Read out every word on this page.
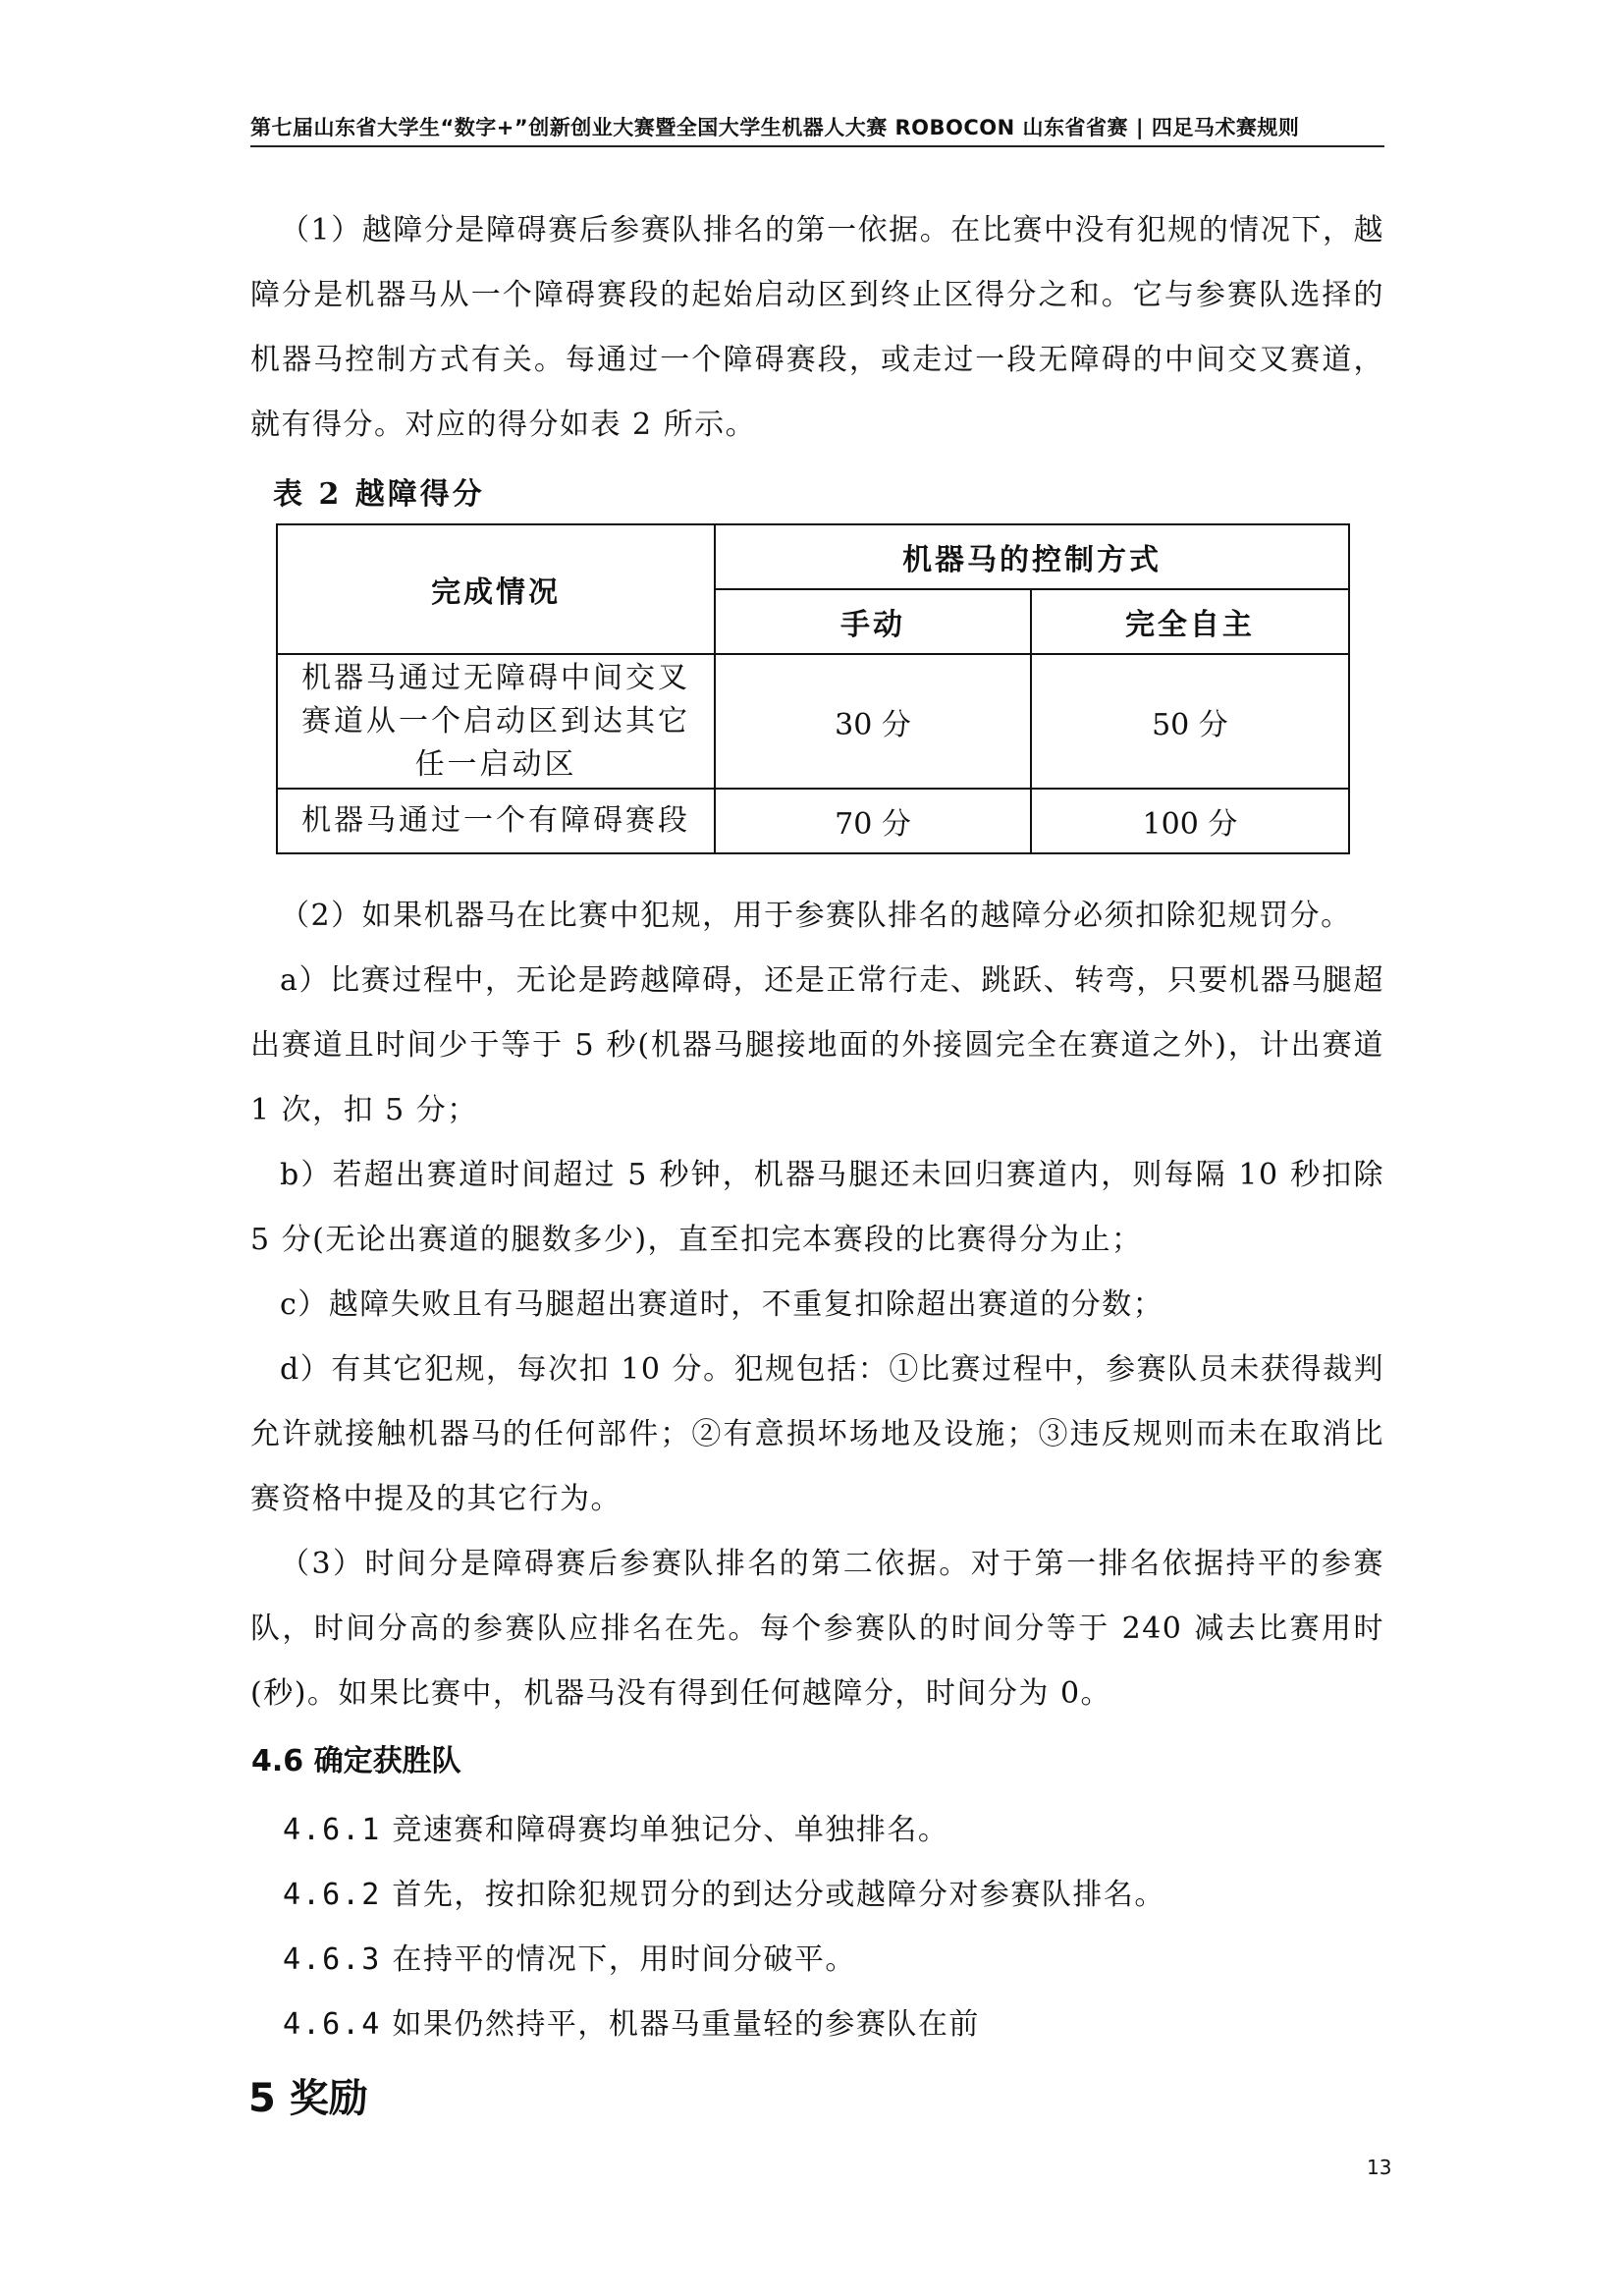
第七届山东省大学生“数字+”创新创业大赛暨全国大学生机器人大赛 ROBOCON 山东省省赛 | 四足马术赛规则

（1）越障分是障碍赛后参赛队排名的第一依据。在比赛中没有犯规的情况下，越障分是机器马从一个障碍赛段的起始启动区到终止区得分之和。它与参赛队选择的机器马控制方式有关。每通过一个障碍赛段，或走过一段无障碍的中间交叉赛道，就有得分。对应的得分如表 2 所示。

表 2 越障得分
完成情况	机器马的控制方式	
	手动	完全自主
机器马通过无障碍中间交叉赛道从一个启动区到达其它任一启动区	30 分	50 分
机器马通过一个有障碍赛段	70 分	100 分

（2）如果机器马在比赛中犯规，用于参赛队排名的越障分必须扣除犯规罚分。

a）比赛过程中，无论是跨越障碍，还是正常行走、跳跃、转弯，只要机器马腿超出赛道且时间少于等于 5 秒(机器马腿接地面的外接圆完全在赛道之外)，计出赛道 1 次，扣 5 分；

b）若超出赛道时间超过 5 秒钟，机器马腿还未回归赛道内，则每隔 10 秒扣除 5 分(无论出赛道的腿数多少)，直至扣完本赛段的比赛得分为止；

c）越障失败且有马腿超出赛道时，不重复扣除超出赛道的分数；

d）有其它犯规，每次扣 10 分。犯规包括：①比赛过程中，参赛队员未获得裁判允许就接触机器马的任何部件；②有意损坏场地及设施；③违反规则而未在取消比赛资格中提及的其它行为。

（3）时间分是障碍赛后参赛队排名的第二依据。对于第一排名依据持平的参赛队，时间分高的参赛队应排名在先。每个参赛队的时间分等于 240 减去比赛用时(秒)。如果比赛中，机器马没有得到任何越障分，时间分为 0。

4.6 确定获胜队
4.6.1 竞速赛和障碍赛均单独记分、单独排名。
4.6.2 首先，按扣除犯规罚分的到达分或越障分对参赛队排名。
4.6.3 在持平的情况下，用时间分破平。
4.6.4 如果仍然持平，机器马重量轻的参赛队在前
5 奖励
13
